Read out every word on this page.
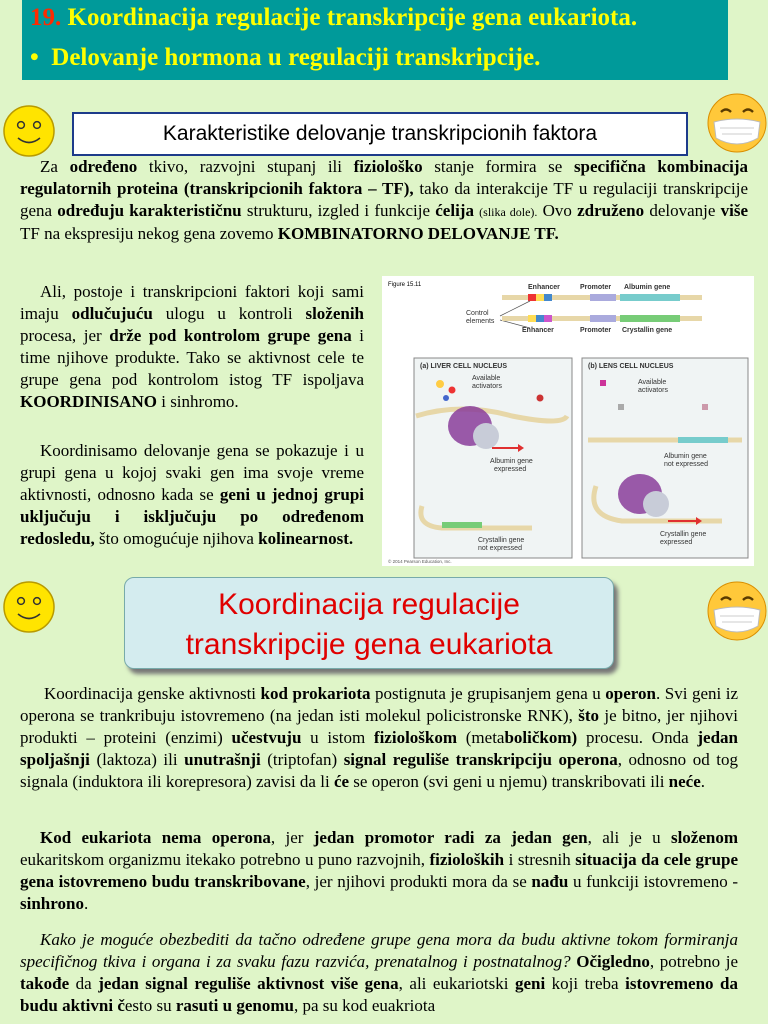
19. Koordinacija regulacije transkripcije gena eukariota.
• Delovanje hormona u regulaciji transkripcije.
Karakteristike delovanje transkripcionih faktora

Za određeno tkivo, razvojni stupanj ili fiziološko stanje formira se specifična kombinacija regulatornih proteina (transkripcionih faktora – TF), tako da interakcije TF u regulaciji transkripcije gena određuju karakterističnu strukturu, izgled i funkcije ćelija (slika dole). Ovo združeno delovanje više TF na ekspresiju nekog gena zovemo KOMBINATORNO DELOVANJE TF.

Ali, postoje i transkripcioni faktori koji sami imaju odlučujuću ulogu u kontroli složenih procesa, jer drže pod kontrolom grupe gena i time njihove produkte. Tako se aktivnost cele te grupe gena pod kontrolom istog TF ispoljava KOORDINISANO i sinhromo.

Koordinisamo delovanje gena se pokazuje i u grupi gena u kojoj svaki gen ima svoje vreme aktivnosti, odnosno kada se geni u jednoj grupi uključuju i isključuju po određenom redosledu, što omogućuje njihova kolinearnost.

Figure 15.11	Enhancer	Promoter Albumin gene
Control elements
Enhancer	Promoter Crystallin gene
(a) LIVER CELL NUCLEUS
Available activators
Albumin gene expressed
Crystallin gene not expressed
(b) LENS CELL NUCLEUS
Available activators
Albumin gene not expressed
Crystallin gene expressed
© 2014 Pearson Education, Inc.
Koordinacija regulacije
transkripcije gena eukariota

Koordinacija genske aktivnosti kod prokariota postignuta je grupisanjem gena u operon. Svi geni iz operona se trankribuju istovremeno (na jedan isti molekul policistronske RNK), što je bitno, jer njihovi produkti – proteini (enzimi) učestvuju u istom fiziološkom (metaboličkom) procesu. Onda jedan spoljašnji (laktoza) ili unutrašnji (triptofan) signal reguliše transkripciju operona, odnosno od tog signala (induktora ili korepresora) zavisi da li će se operon (svi geni u njemu) transkribovati ili neće.

Kod eukariota nema operona, jer jedan promotor radi za jedan gen, ali je u složenom eukaritskom organizmu itekako potrebno u puno razvojnih, fizioloških i stresnih situacija da cele grupe gena istovremeno budu transkribovane, jer njihovi produkti mora da se nađu u funkciji istovremeno - sinhrono.

Kako je moguće obezbediti da tačno određene grupe gena mora da budu aktivne tokom formiranja specifičnog tkiva i organa i za svaku fazu razvića, prenatalnog i postnatalnog? Očigledno, potrebno je takođe da jedan signal reguliše aktivnost više gena, ali eukariotski geni koji treba istovremeno da budu aktivni često su rasuti u genomu, pa su kod euakriota
